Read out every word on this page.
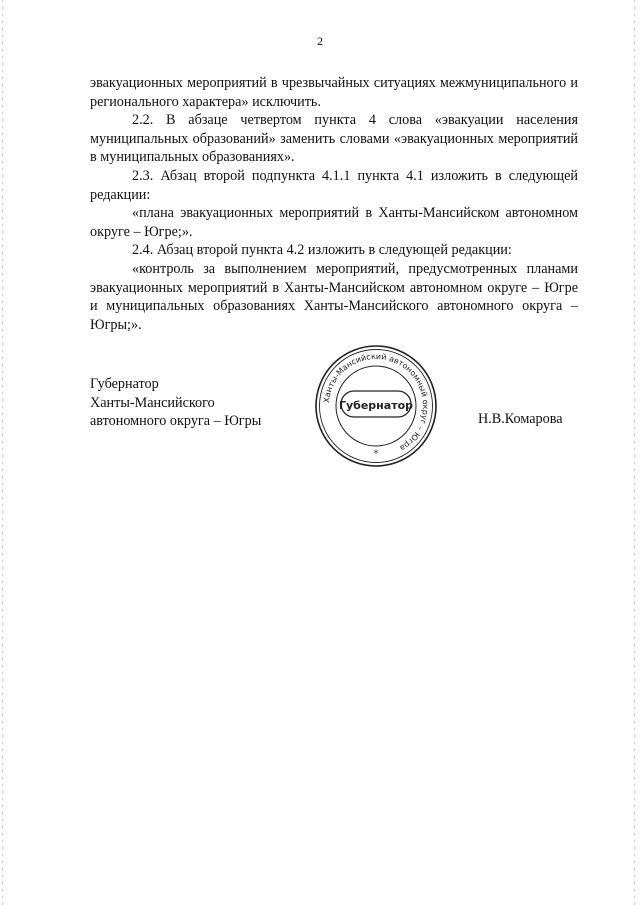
2

эвакуационных мероприятий в чрезвычайных ситуациях межмуниципального и регионального характера» исключить.

2.2. В абзаце четвертом пункта 4 слова «эвакуации населения муниципальных образований» заменить словами «эвакуационных мероприятий в муниципальных образованиях».

2.3. Абзац второй подпункта 4.1.1 пункта 4.1 изложить в следующей редакции:

«плана эвакуационных мероприятий в Ханты-Мансийском автономном округе – Югре;».

2.4. Абзац второй пункта 4.2 изложить в следующей редакции:

«контроль за выполнением мероприятий, предусмотренных планами эвакуационных мероприятий в Ханты-Мансийском автономном округе – Югре и муниципальных образованиях Ханты-Мансийского автономного округа – Югры;».

Губернатор
Ханты-Мансийского
автономного округа – Югры
Ханты-Мансийский автономный округ – Югра
Губернатор
*
Н.В.Комарова
